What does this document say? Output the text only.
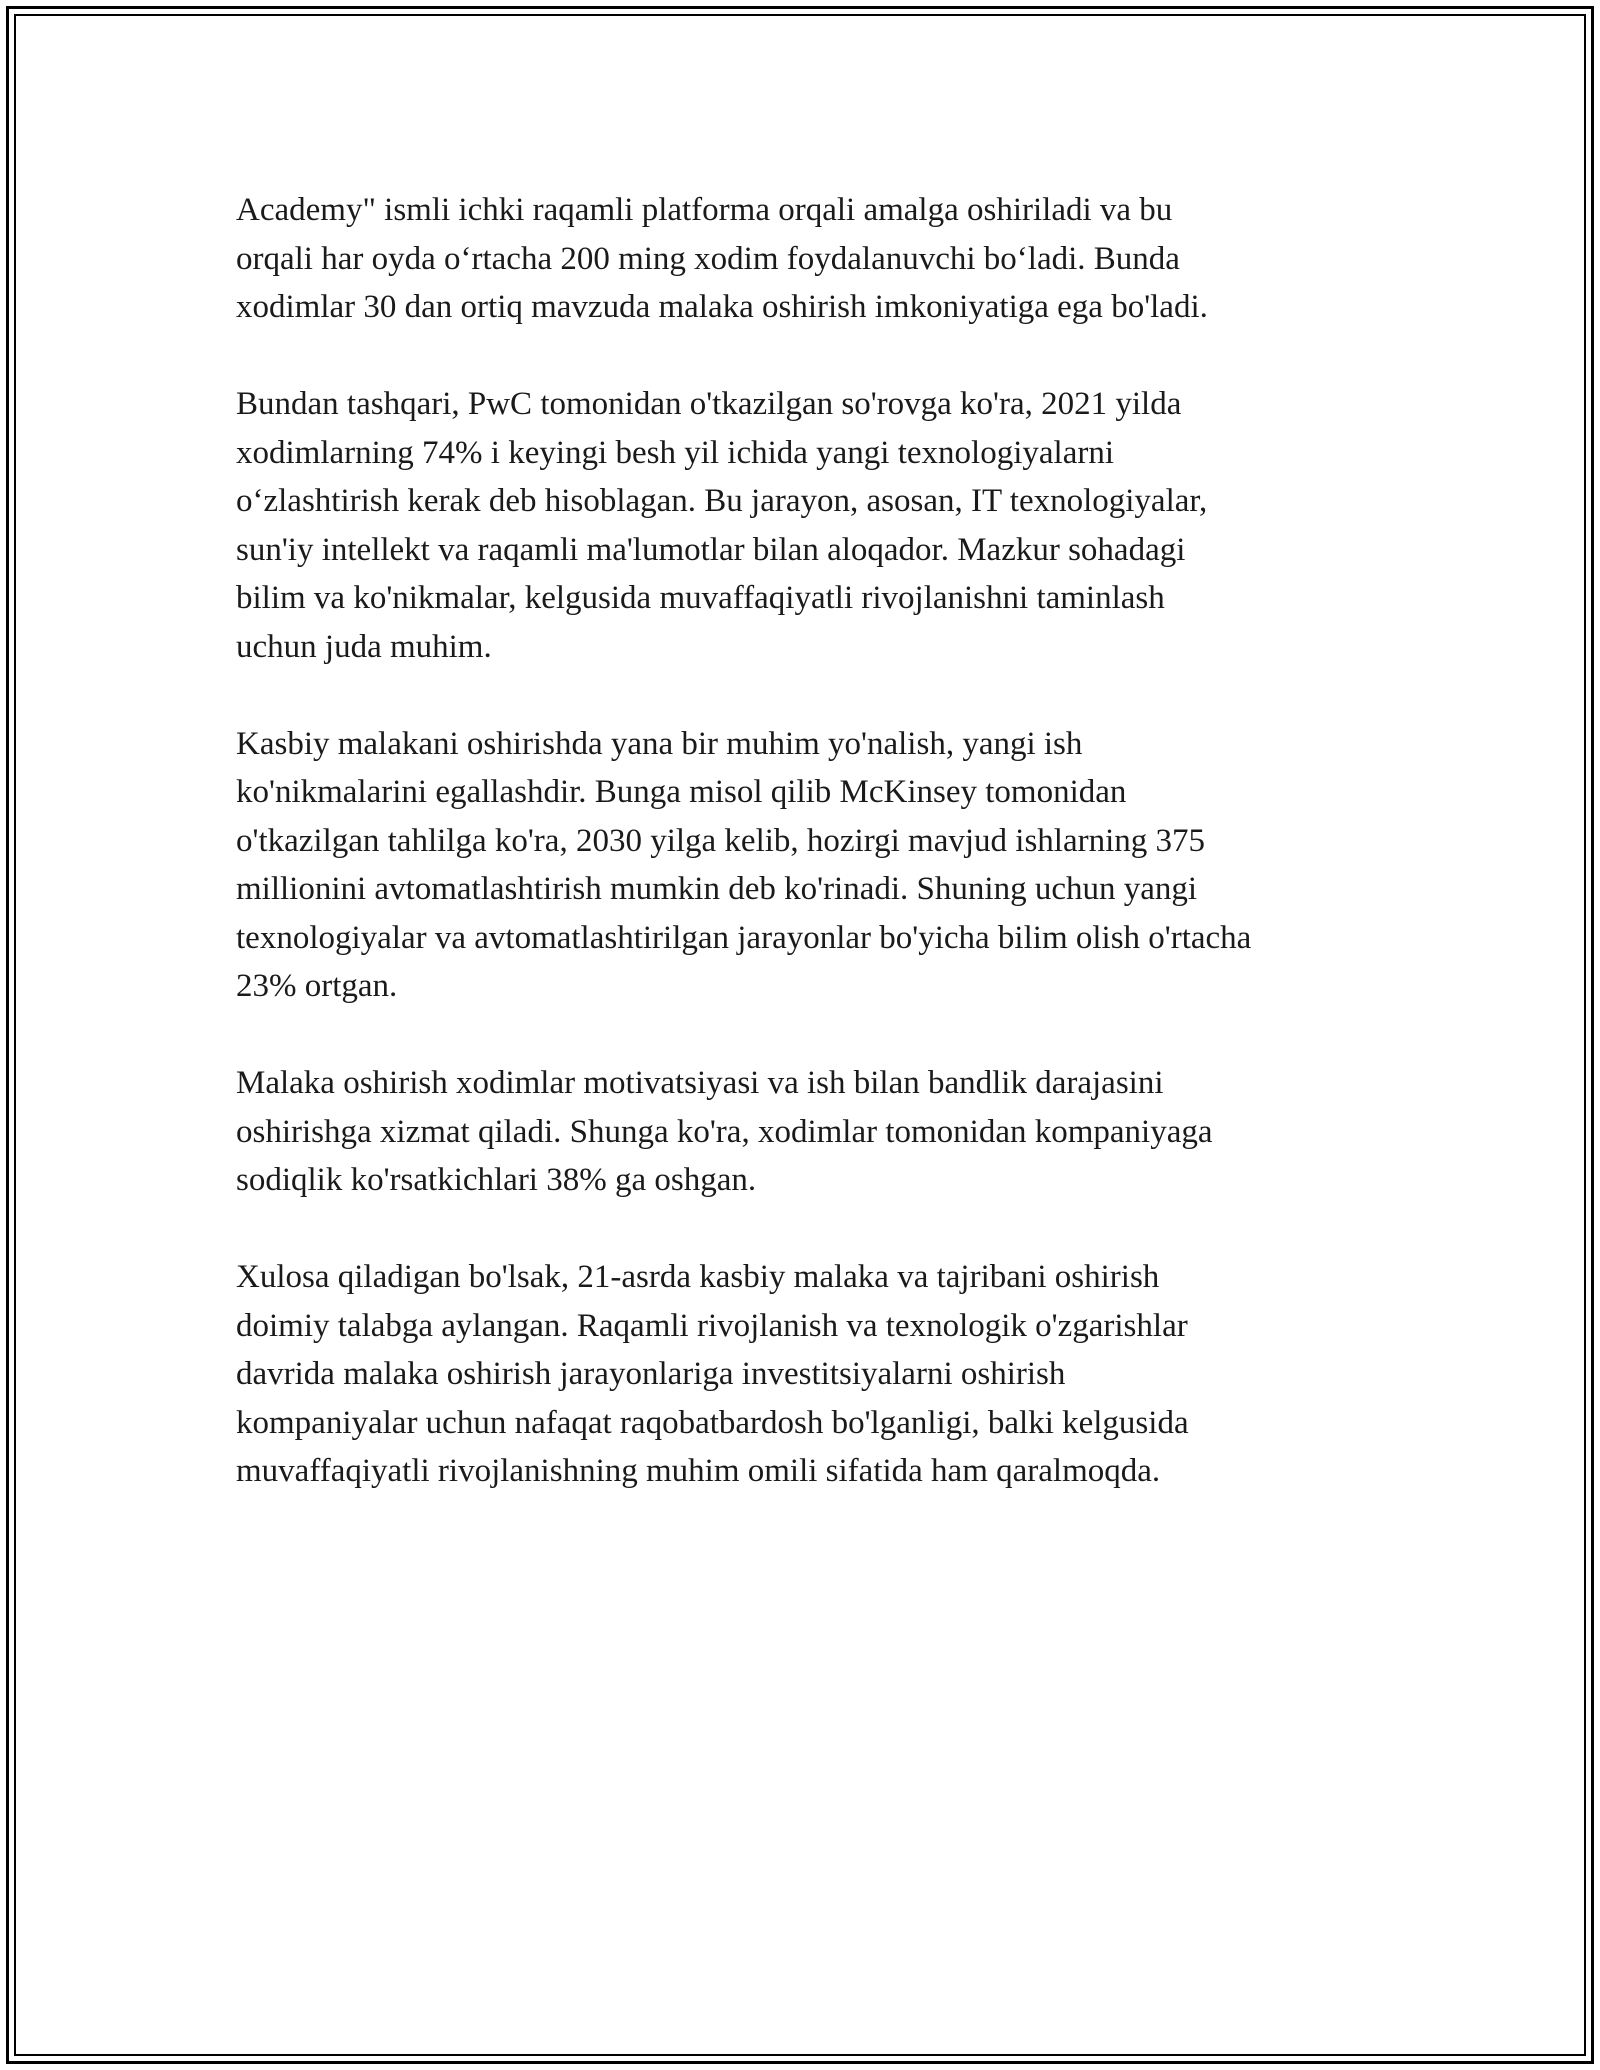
Academy" ismli ichki raqamli platforma orqali amalga oshiriladi va bu
orqali har oyda o‘rtacha 200 ming xodim foydalanuvchi bo‘ladi. Bunda
xodimlar 30 dan ortiq mavzuda malaka oshirish imkoniyatiga ega bo'ladi.

Bundan tashqari, PwC tomonidan o'tkazilgan so'rovga ko'ra, 2021 yilda
xodimlarning 74% i keyingi besh yil ichida yangi texnologiyalarni
o‘zlashtirish kerak deb hisoblagan. Bu jarayon, asosan, IT texnologiyalar,
sun'iy intellekt va raqamli ma'lumotlar bilan aloqador. Mazkur sohadagi
bilim va ko'nikmalar, kelgusida muvaffaqiyatli rivojlanishni taminlash
uchun juda muhim.

Kasbiy malakani oshirishda yana bir muhim yo'nalish, yangi ish
ko'nikmalarini egallashdir. Bunga misol qilib McKinsey tomonidan
o'tkazilgan tahlilga ko'ra, 2030 yilga kelib, hozirgi mavjud ishlarning 375
millionini avtomatlashtirish mumkin deb ko'rinadi. Shuning uchun yangi
texnologiyalar va avtomatlashtirilgan jarayonlar bo'yicha bilim olish o'rtacha
23% ortgan.

Malaka oshirish xodimlar motivatsiyasi va ish bilan bandlik darajasini
oshirishga xizmat qiladi. Shunga ko'ra, xodimlar tomonidan kompaniyaga
sodiqlik ko'rsatkichlari 38% ga oshgan.

Xulosa qiladigan bo'lsak, 21-asrda kasbiy malaka va tajribani oshirish
doimiy talabga aylangan. Raqamli rivojlanish va texnologik o'zgarishlar
davrida malaka oshirish jarayonlariga investitsiyalarni oshirish
kompaniyalar uchun nafaqat raqobatbardosh bo'lganligi, balki kelgusida
muvaffaqiyatli rivojlanishning muhim omili sifatida ham qaralmoqda.
